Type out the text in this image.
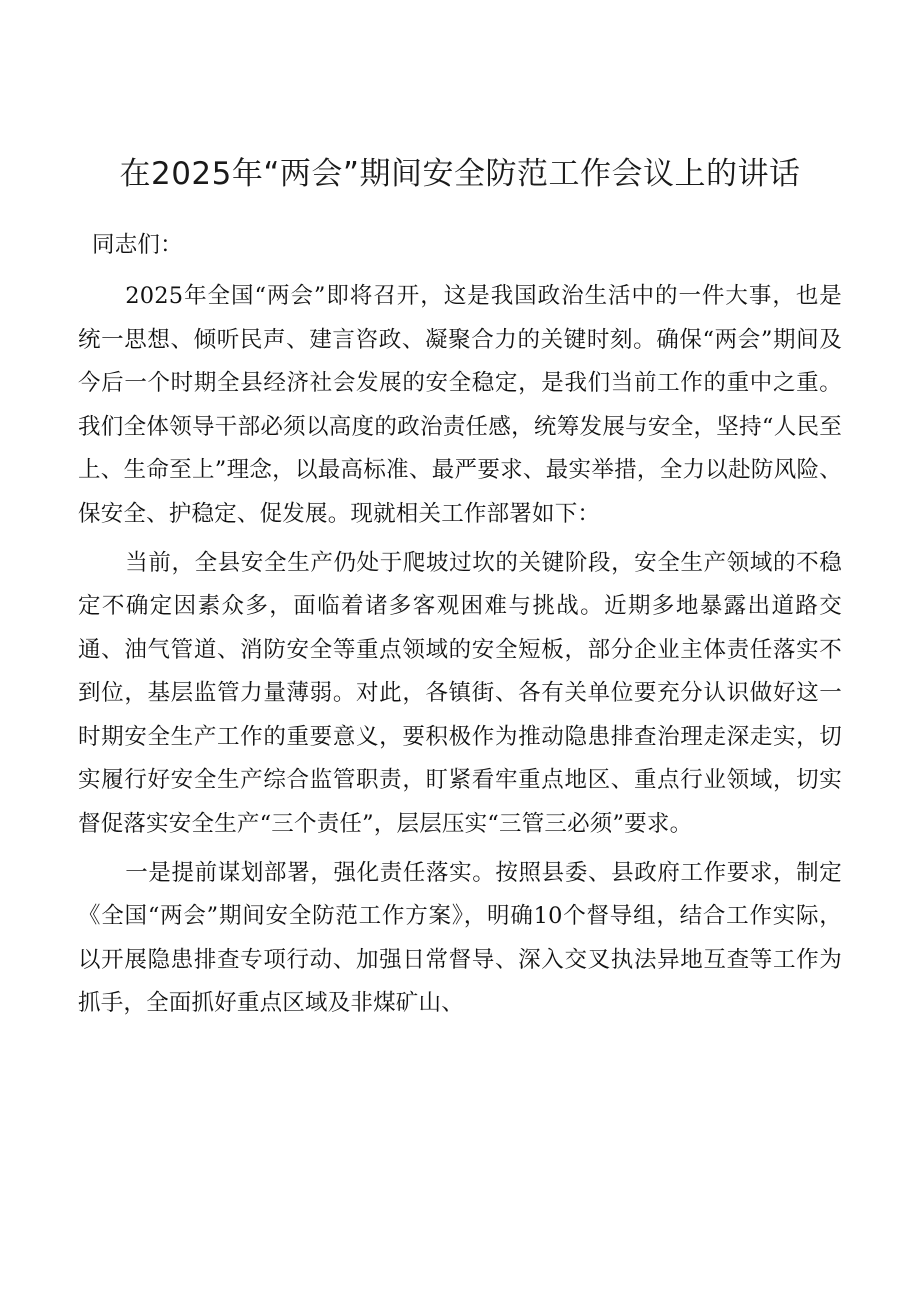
在2025年“两会”期间安全防范工作会议上的讲话

同志们：

2025年全国“两会”即将召开，这是我国政治生活中的一件大事，也是统一思想、倾听民声、建言咨政、凝聚合力的关键时刻。确保“两会”期间及今后一个时期全县经济社会发展的安全稳定，是我们当前工作的重中之重。我们全体领导干部必须以高度的政治责任感，统筹发展与安全，坚持“人民至上、生命至上”理念，以最高标准、最严要求、最实举措，全力以赴防风险、保安全、护稳定、促发展。现就相关工作部署如下：

当前，全县安全生产仍处于爬坡过坎的关键阶段，安全生产领域的不稳定不确定因素众多，面临着诸多客观困难与挑战。近期多地暴露出道路交通、油气管道、消防安全等重点领域的安全短板，部分企业主体责任落实不到位，基层监管力量薄弱。对此，各镇街、各有关单位要充分认识做好这一时期安全生产工作的重要意义，要积极作为推动隐患排查治理走深走实，切实履行好安全生产综合监管职责，盯紧看牢重点地区、重点行业领域，切实督促落实安全生产“三个责任”，层层压实“三管三必须”要求。

一是提前谋划部署，强化责任落实。按照县委、县政府工作要求，制定《全国“两会”期间安全防范工作方案》，明确10个督导组，结合工作实际，以开展隐患排查专项行动、加强日常督导、深入交叉执法异地互查等工作为抓手，全面抓好重点区域及非煤矿山、
